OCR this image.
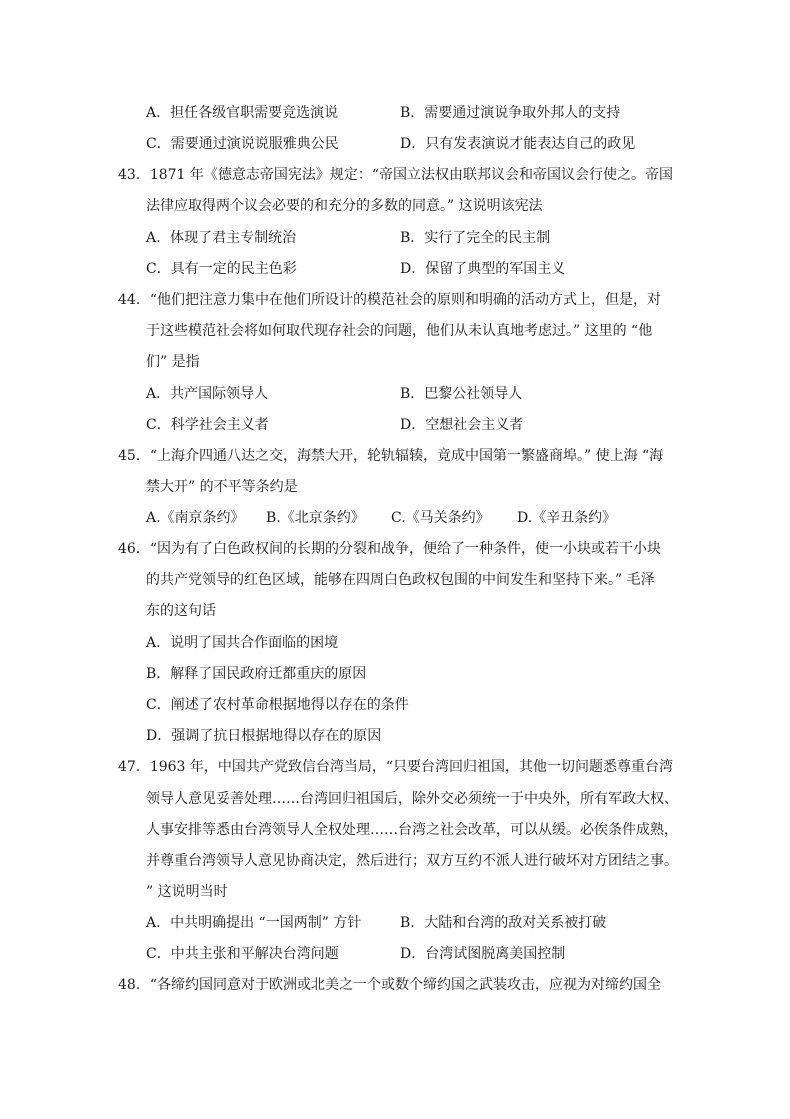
A．担任各级官职需要竞选演说	B．需要通过演说争取外邦人的支持
C．需要通过演说说服雅典公民	D．只有发表演说才能表达自己的政见
43．1871 年《德意志帝国宪法》规定：“帝国立法权由联邦议会和帝国议会行使之。帝国
法律应取得两个议会必要的和充分的多数的同意。” 这说明该宪法
A．体现了君主专制统治	B．实行了完全的民主制
C．具有一定的民主色彩	D．保留了典型的军国主义
44．“他们把注意力集中在他们所设计的模范社会的原则和明确的活动方式上，但是，对
于这些模范社会将如何取代现存社会的问题，他们从未认真地考虑过。” 这里的 “他
们” 是指
A．共产国际领导人	B．巴黎公社领导人
C．科学社会主义者	D．空想社会主义者
45．“上海介四通八达之交，海禁大开，轮轨辐辏，竟成中国第一繁盛商埠。” 使上海 “海
禁大开” 的不平等条约是
A.《南京条约》 B.《北京条约》 C.《马关条约》 D.《辛丑条约》
46．“因为有了白色政权间的长期的分裂和战争，便给了一种条件，使一小块或若干小块
的共产党领导的红色区域，能够在四周白色政权包围的中间发生和坚持下来。” 毛泽
东的这句话
A．说明了国共合作面临的困境
B．解释了国民政府迁都重庆的原因
C．阐述了农村革命根据地得以存在的条件
D．强调了抗日根据地得以存在的原因
47．1963 年，中国共产党致信台湾当局，“只要台湾回归祖国，其他一切问题悉尊重台湾
领导人意见妥善处理……台湾回归祖国后，除外交必须统一于中央外，所有军政大权、
人事安排等悉由台湾领导人全权处理……台湾之社会改革，可以从缓。必俟条件成熟，
并尊重台湾领导人意见协商决定，然后进行；双方互约不派人进行破坏对方团结之事。
” 这说明当时
A．中共明确提出 “一国两制” 方针	B．大陆和台湾的敌对关系被打破
C．中共主张和平解决台湾问题	D．台湾试图脱离美国控制
48．“各缔约国同意对于欧洲或北美之一个或数个缔约国之武装攻击，应视为对缔约国全
